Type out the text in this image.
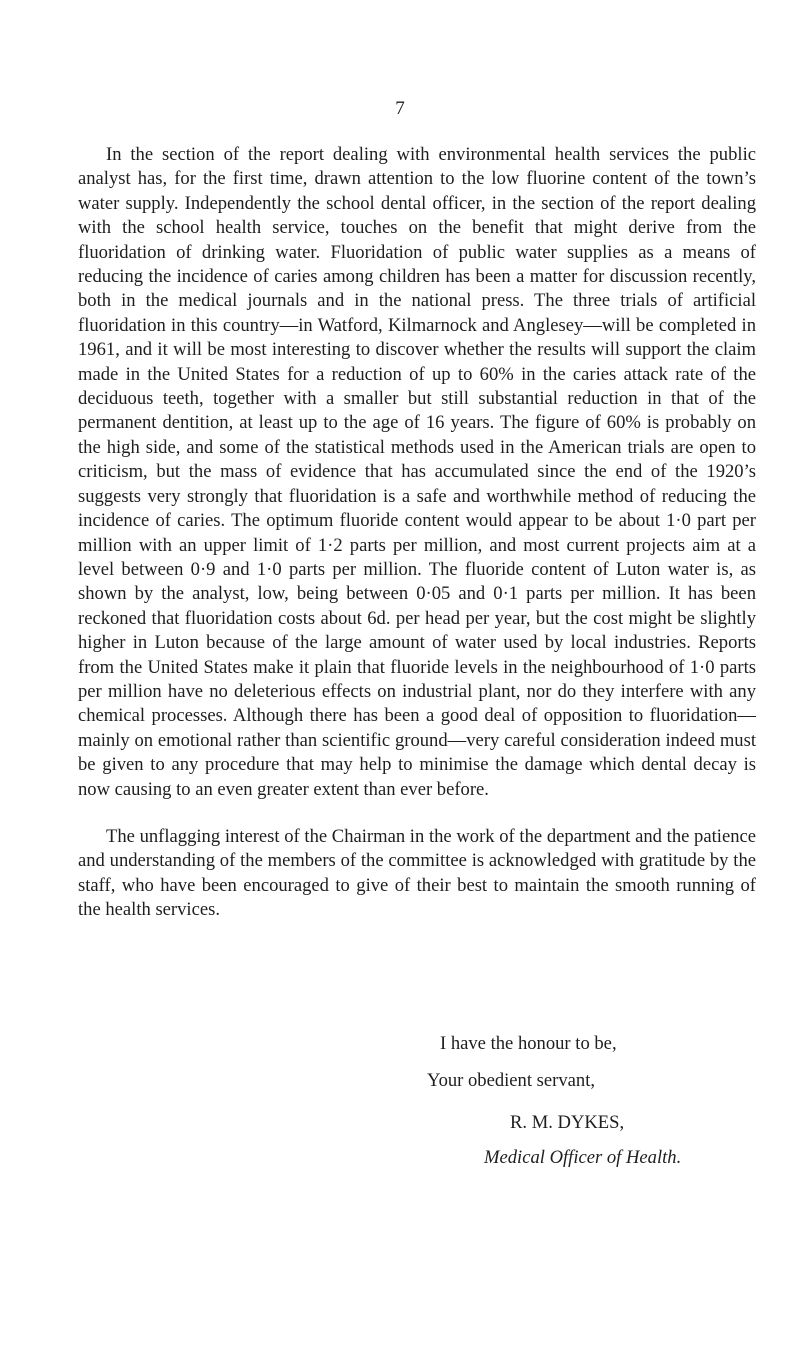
7

In the section of the report dealing with environmental health services the public analyst has, for the first time, drawn attention to the low fluorine content of the town’s water supply. Independently the school dental officer, in the section of the report dealing with the school health service, touches on the benefit that might derive from the fluoridation of drinking water. Fluoridation of public water supplies as a means of reducing the incidence of caries among children has been a matter for discussion recently, both in the medical journals and in the national press. The three trials of artificial fluoridation in this country—in Watford, Kilmarnock and Anglesey—will be completed in 1961, and it will be most interesting to discover whether the results will support the claim made in the United States for a reduction of up to 60% in the caries attack rate of the deciduous teeth, together with a smaller but still substantial reduction in that of the permanent dentition, at least up to the age of 16 years. The figure of 60% is probably on the high side, and some of the statistical methods used in the American trials are open to criticism, but the mass of evidence that has accumulated since the end of the 1920’s suggests very strongly that fluoridation is a safe and worthwhile method of reducing the incidence of caries. The optimum fluoride content would appear to be about 1·0 part per million with an upper limit of 1·2 parts per million, and most current projects aim at a level between 0·9 and 1·0 parts per million. The fluoride content of Luton water is, as shown by the analyst, low, being between 0·05 and 0·1 parts per million. It has been reckoned that fluoridation costs about 6d. per head per year, but the cost might be slightly higher in Luton because of the large amount of water used by local industries. Reports from the United States make it plain that fluoride levels in the neighbourhood of 1·0 parts per million have no deleterious effects on industrial plant, nor do they interfere with any chemical processes. Although there has been a good deal of opposition to fluoridation—mainly on emotional rather than scientific ground—very careful consideration indeed must be given to any procedure that may help to minimise the damage which dental decay is now causing to an even greater extent than ever before.

The unflagging interest of the Chairman in the work of the department and the patience and understanding of the members of the committee is acknowledged with gratitude by the staff, who have been encouraged to give of their best to maintain the smooth running of the health services.

I have the honour to be,
Your obedient servant,
R. M. DYKES,
Medical Officer of Health.
